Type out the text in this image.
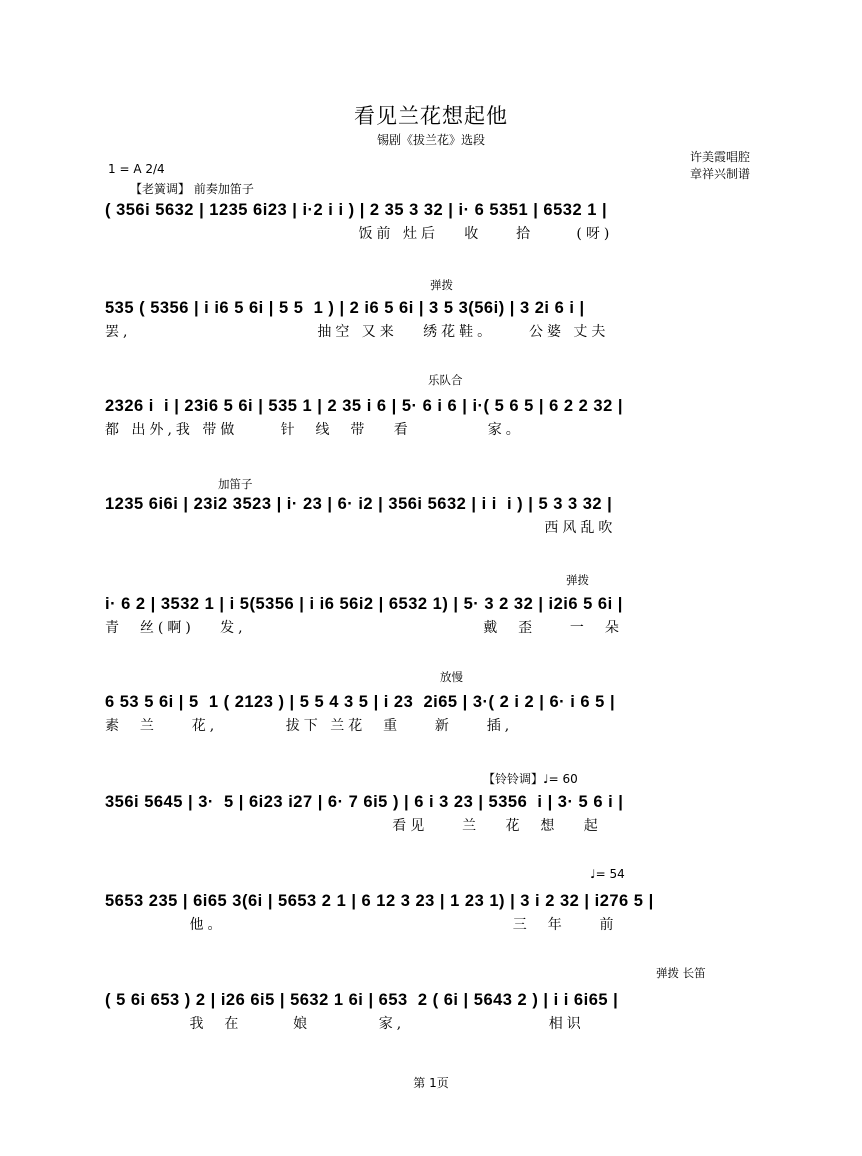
看见兰花想起他
锡剧《拔兰花》选段
许美霞唱腔
章祥兴制谱
1 = A 2/4
【老簧调】 前奏加笛子
( 356i 5632 | 1235 6i23 | i·2 i i ) | 2 35 3 32 | i· 6 5351 | 6532 1 |
饭前 灶后   收    拾     (呀)
弹拨
535 ( 5356 | i i6 5 6i | 5 5  1 ) | 2 i6 5 6i | 3 5 3(56i) | 3 2i 6 i |
罢,                      抽空 又来   绣花鞋。    公婆 丈夫
乐队合
2326 i  i | 23i6 5 6i | 535 1 | 2 35 i 6 | 5· 6 i 6 | i·( 5 6 5 | 6 2 2 32 |
都 出外,我 带做     针  线  带   看         家。
加笛子
1235 6i6i | 23i2 3523 | i· 23 | 6· i2 | 356i 5632 | i i  i ) | 5 3 3 32 |
西风乱吹
弹拨
i· 6 2 | 3532 1 | i 5(5356 | i i6 56i2 | 6532 1) | 5· 3 2 32 | i2i6 5 6i |
青  丝(啊)   发,                            戴  歪    一  朵
放慢
6 53 5 6i | 5  1 ( 2123 ) | 5 5 4 3 5 | i 23  2i65 | 3·( 2 i 2 | 6· i 6 5 |
素  兰    花,        拔下 兰花  重    新    插,
【铃铃调】♩= 60
356i 5645 | 3·  5 | 6i23 i27 | 6· 7 6i5 ) | 6 i 3 23 | 5356  i | 3· 5 6 i |
看见    兰   花  想   起
♩= 54
5653 235 | 6i65 3(6i | 5653 2 1 | 6 12 3 23 | 1 23 1) | 3 i 2 32 | i276 5 |
他。                                  三  年    前
弹拨 长笛
( 5 6i 653 ) 2 | i26 6i5 | 5632 1 6i | 653  2 ( 6i | 5643 2 ) | i i 6i65 |
我  在      娘        家,                 相识
第 1页
